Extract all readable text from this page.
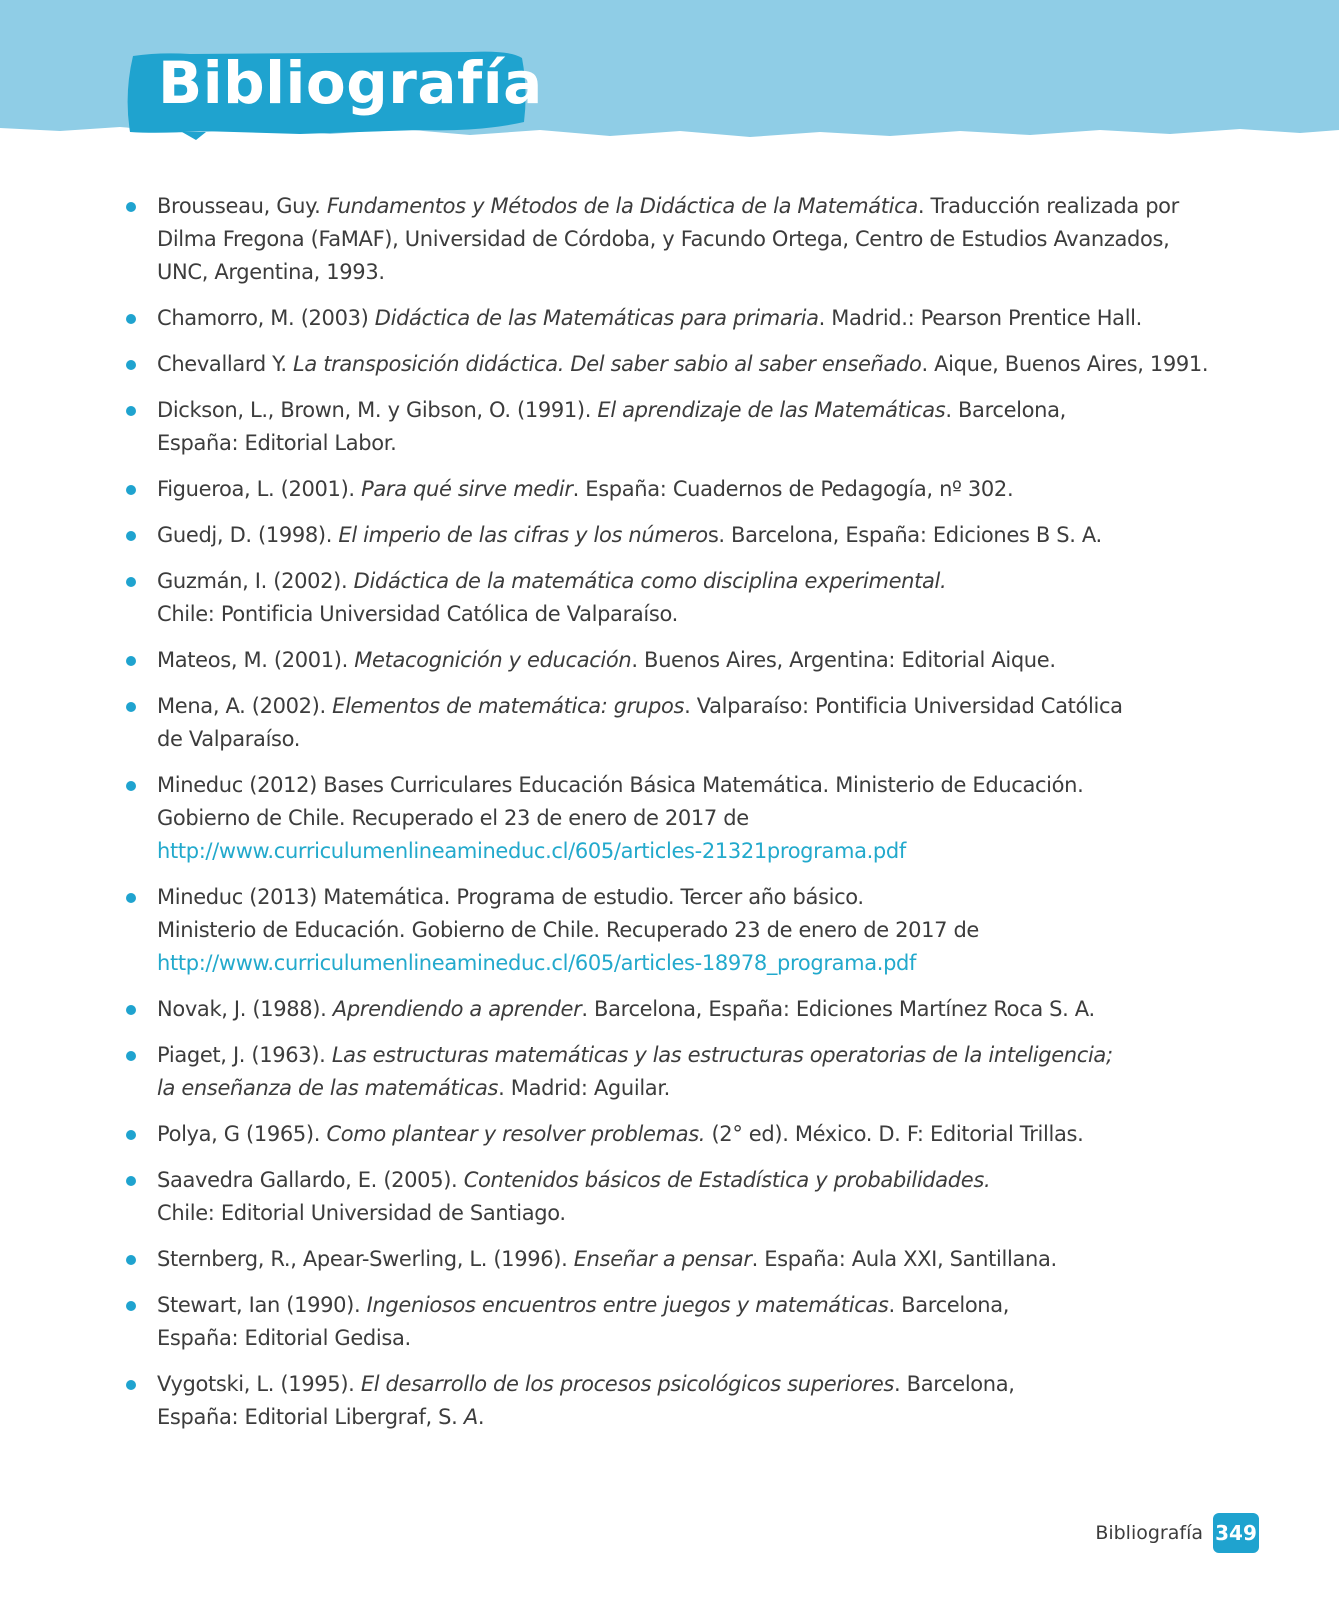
Bibliografía
Brousseau, Guy. Fundamentos y Métodos de la Didáctica de la Matemática. Traducción realizada por
Dilma Fregona (FaMAF), Universidad de Córdoba, y Facundo Ortega, Centro de Estudios Avanzados,
UNC, Argentina, 1993.
Chamorro, M. (2003) Didáctica de las Matemáticas para primaria. Madrid.: Pearson Prentice Hall.
Chevallard Y. La transposición didáctica. Del saber sabio al saber enseñado. Aique, Buenos Aires, 1991.
Dickson, L., Brown, M. y Gibson, O. (1991). El aprendizaje de las Matemáticas. Barcelona,
España: Editorial Labor.
Figueroa, L. (2001). Para qué sirve medir. España: Cuadernos de Pedagogía, nº 302.
Guedj, D. (1998). El imperio de las cifras y los números. Barcelona, España: Ediciones B S. A.
Guzmán, I. (2002). Didáctica de la matemática como disciplina experimental.
Chile: Pontificia Universidad Católica de Valparaíso.
Mateos, M. (2001). Metacognición y educación. Buenos Aires, Argentina: Editorial Aique.
Mena, A. (2002). Elementos de matemática: grupos. Valparaíso: Pontificia Universidad Católica
de Valparaíso.
Mineduc (2012) Bases Curriculares Educación Básica Matemática. Ministerio de Educación.
Gobierno de Chile. Recuperado el 23 de enero de 2017 de
http://www.curriculumenlineamineduc.cl/605/articles-21321programa.pdf
Mineduc (2013) Matemática. Programa de estudio. Tercer año básico.
Ministerio de Educación. Gobierno de Chile. Recuperado 23 de enero de 2017 de
http://www.curriculumenlineamineduc.cl/605/articles-18978_programa.pdf
Novak, J. (1988). Aprendiendo a aprender. Barcelona, España: Ediciones Martínez Roca S. A.
Piaget, J. (1963). Las estructuras matemáticas y las estructuras operatorias de la inteligencia;
la enseñanza de las matemáticas. Madrid: Aguilar.
Polya, G (1965). Como plantear y resolver problemas. (2° ed). México. D. F: Editorial Trillas.
Saavedra Gallardo, E. (2005). Contenidos básicos de Estadística y probabilidades.
Chile: Editorial Universidad de Santiago.
Sternberg, R., Apear-Swerling, L. (1996). Enseñar a pensar. España: Aula XXI, Santillana.
Stewart, Ian (1990). Ingeniosos encuentros entre juegos y matemáticas. Barcelona,
España: Editorial Gedisa.
Vygotski, L. (1995). El desarrollo de los procesos psicológicos superiores. Barcelona,
España: Editorial Libergraf, S. A.
Bibliografía 349
